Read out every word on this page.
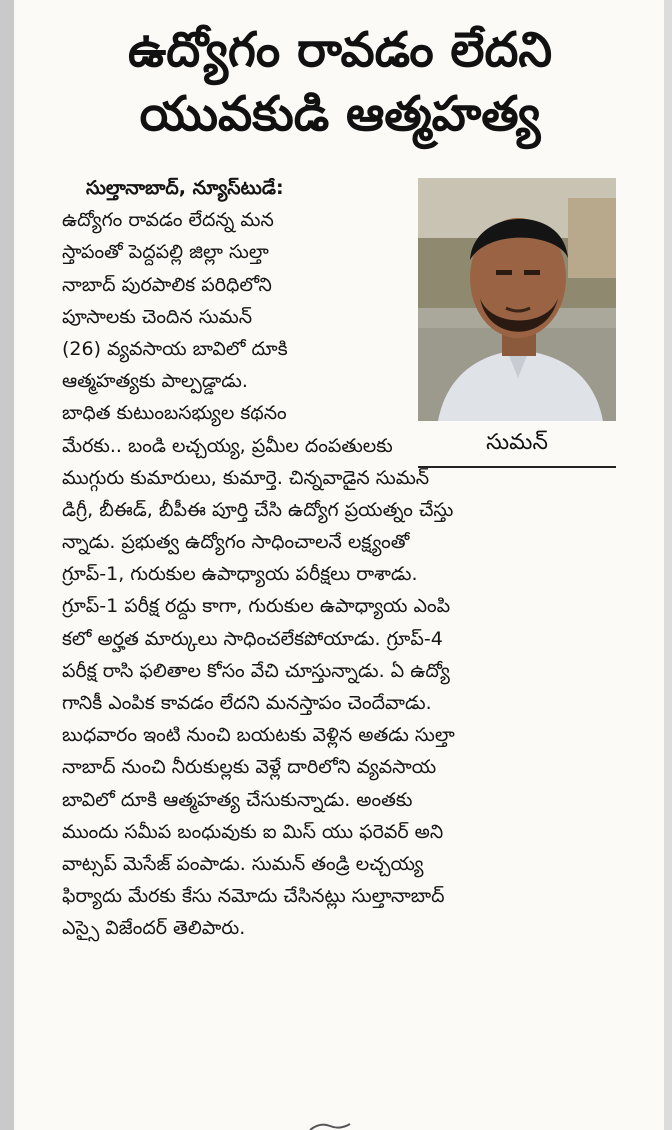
ఉద్యోగం రావడం లేదని
యువకుడి ఆత్మహత్య
సుమన్
సుల్తానాబాద్, న్యూస్‌టుడే:
ఉద్యోగం రావడం లేదన్న మన
స్తాపంతో పెద్దపల్లి జిల్లా సుల్తా
నాబాద్ పురపాలిక పరిధిలోని
పూసాలకు చెందిన సుమన్
(26) వ్యవసాయ బావిలో దూకి
ఆత్మహత్యకు పాల్పడ్డాడు.
బాధిత కుటుంబసభ్యుల కథనం
మేరకు.. బండి లచ్చయ్య, ప్రమీల దంపతులకు
ముగ్గురు కుమారులు, కుమార్తె. చిన్నవాడైన సుమన్
డిగ్రీ, బీఈడ్, బీపీఈ పూర్తి చేసి ఉద్యోగ ప్రయత్నం చేస్తు
న్నాడు. ప్రభుత్వ ఉద్యోగం సాధించాలనే లక్ష్యంతో
గ్రూప్-1, గురుకుల ఉపాధ్యాయ పరీక్షలు రాశాడు.
గ్రూప్-1 పరీక్ష రద్దు కాగా, గురుకుల ఉపాధ్యాయ ఎంపి
కలో అర్హత మార్కులు సాధించలేకపోయాడు. గ్రూప్-4
పరీక్ష రాసి ఫలితాల కోసం వేచి చూస్తున్నాడు. ఏ ఉద్యో
గానికీ ఎంపిక కావడం లేదని మనస్తాపం చెందేవాడు.
బుధవారం ఇంటి నుంచి బయటకు వెళ్లిన అతడు సుల్తా
నాబాద్ నుంచి నీరుకుల్లకు వెళ్లే దారిలోని వ్యవసాయ
బావిలో దూకి ఆత్మహత్య చేసుకున్నాడు. అంతకు
ముందు సమీప బంధువుకు ఐ మిస్ యు ఫరెవర్ అని
వాట్సప్ మెసేజ్ పంపాడు. సుమన్ తండ్రి లచ్చయ్య
ఫిర్యాదు మేరకు కేసు నమోదు చేసినట్లు సుల్తానాబాద్
ఎస్సై విజేందర్ తెలిపారు.
